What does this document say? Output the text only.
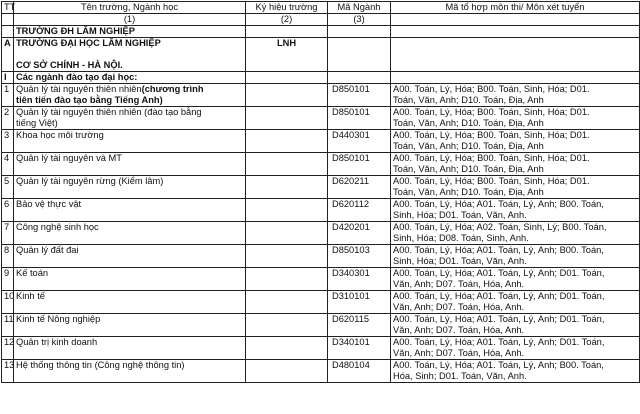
TT	Tên trường, Ngành học	Ký hiệu trường	Mã Ngành	Mã tổ hợp môn thi/ Môn xét tuyển
	(1)	(2)	(3)	
	TRƯỜNG ĐH LÂM NGHIỆP			
A	TRƯỜNG ĐẠI HỌC LÂM NGHIỆP

CƠ SỞ CHÍNH - HÀ NỘI.	LNH		
I	Các ngành đào tạo đại học:			
1	Quản lý tài nguyên thiên nhiên(chương trình
tiên tiến đào tạo bằng Tiếng Anh)		D850101	A00. Toán, Lý, Hóa; B00. Toán, Sinh, Hóa; D01.
Toán, Văn, Anh; D10. Toán, Địa, Anh

2	Quản lý tài nguyên thiên nhiên (đào tạo bằng
tiếng Việt)		D850101	A00. Toán, Lý, Hóa; B00. Toán, Sinh, Hóa; D01.
Toán, Văn, Anh; D10. Toán, Địa, Anh

3	Khoa học môi trường		D440301	A00. Toán, Lý, Hóa; B00. Toán, Sinh, Hóa; D01.
Toán, Văn, Anh; D10. Toán, Địa, Anh

4	Quản lý tài nguyên và MT		D850101	A00. Toán, Lý, Hóa; B00. Toán, Sinh, Hóa; D01.
Toán, Văn, Anh; D10. Toán, Địa, Anh

5	Quản lý tài nguyên rừng (Kiểm lâm)		D620211	A00. Toán, Lý, Hóa; B00. Toán, Sinh, Hóa; D01.
Toán, Văn, Anh; D10. Toán, Địa, Anh

6	Bảo vệ thực vật		D620112	A00. Toán, Lý, Hóa; A01. Toán, Lý, Anh; B00. Toán,
Sinh, Hóa; D01. Toán, Văn, Anh.

7	Công nghệ sinh học		D420201	A00. Toán, Lý, Hóa; A02. Toán, Sinh, Lý; B00. Toán,
Sinh, Hóa; D08. Toán, Sinh, Anh.

8	Quản lý đất đai		D850103	A00. Toán, Lý, Hóa; A01. Toán, Lý, Anh; B00. Toán,
Sinh, Hóa; D01. Toán, Văn, Anh.

9	Kế toán		D340301	A00. Toán, Lý, Hóa; A01. Toán, Lý, Anh; D01. Toán,
Văn, Anh; D07. Toán, Hóa, Anh.

10	Kinh tế		D310101	A00. Toán, Lý, Hóa; A01. Toán, Lý, Anh; D01. Toán,
Văn, Anh; D07. Toán, Hóa, Anh.

11	Kinh tế Nông nghiệp		D620115	A00. Toán, Lý, Hóa; A01. Toán, Lý, Anh; D01. Toán,
Văn, Anh; D07. Toán, Hóa, Anh.

12	Quản trị kinh doanh		D340101	A00. Toán, Lý, Hóa; A01. Toán, Lý, Anh; D01. Toán,
Văn, Anh; D07. Toán, Hóa, Anh.

13	Hệ thống thông tin (Công nghệ thông tin)		D480104	A00. Toán, Lý, Hóa; A01. Toán, Lý, Anh; B00. Toán,
Hóa, Sinh; D01. Toán, Văn, Anh.
